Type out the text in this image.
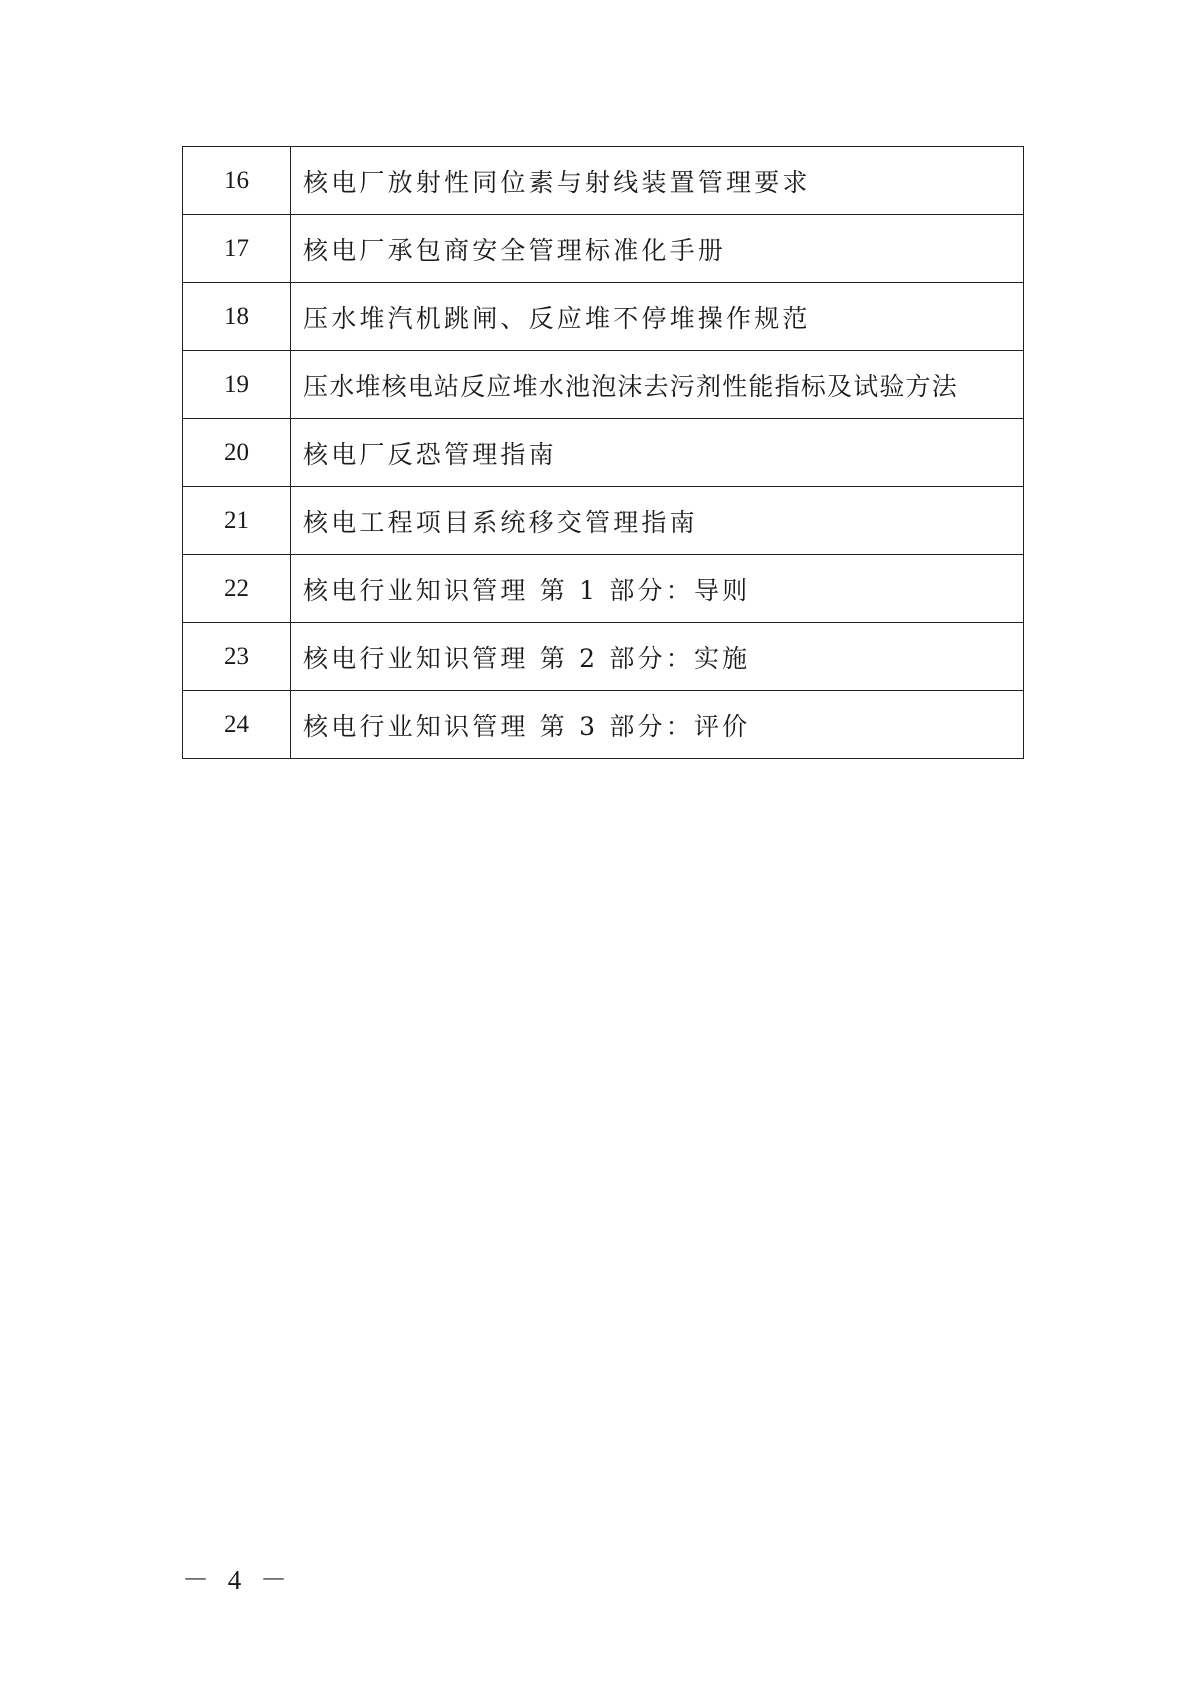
16	核电厂放射性同位素与射线装置管理要求
17	核电厂承包商安全管理标准化手册
18	压水堆汽机跳闸、反应堆不停堆操作规范
19	压水堆核电站反应堆水池泡沫去污剂性能指标及试验方法
20	核电厂反恐管理指南
21	核电工程项目系统移交管理指南
22	核电行业知识管理 第 1 部分：导则
23	核电行业知识管理 第 2 部分：实施
24	核电行业知识管理 第 3 部分：评价
－ 4 －
